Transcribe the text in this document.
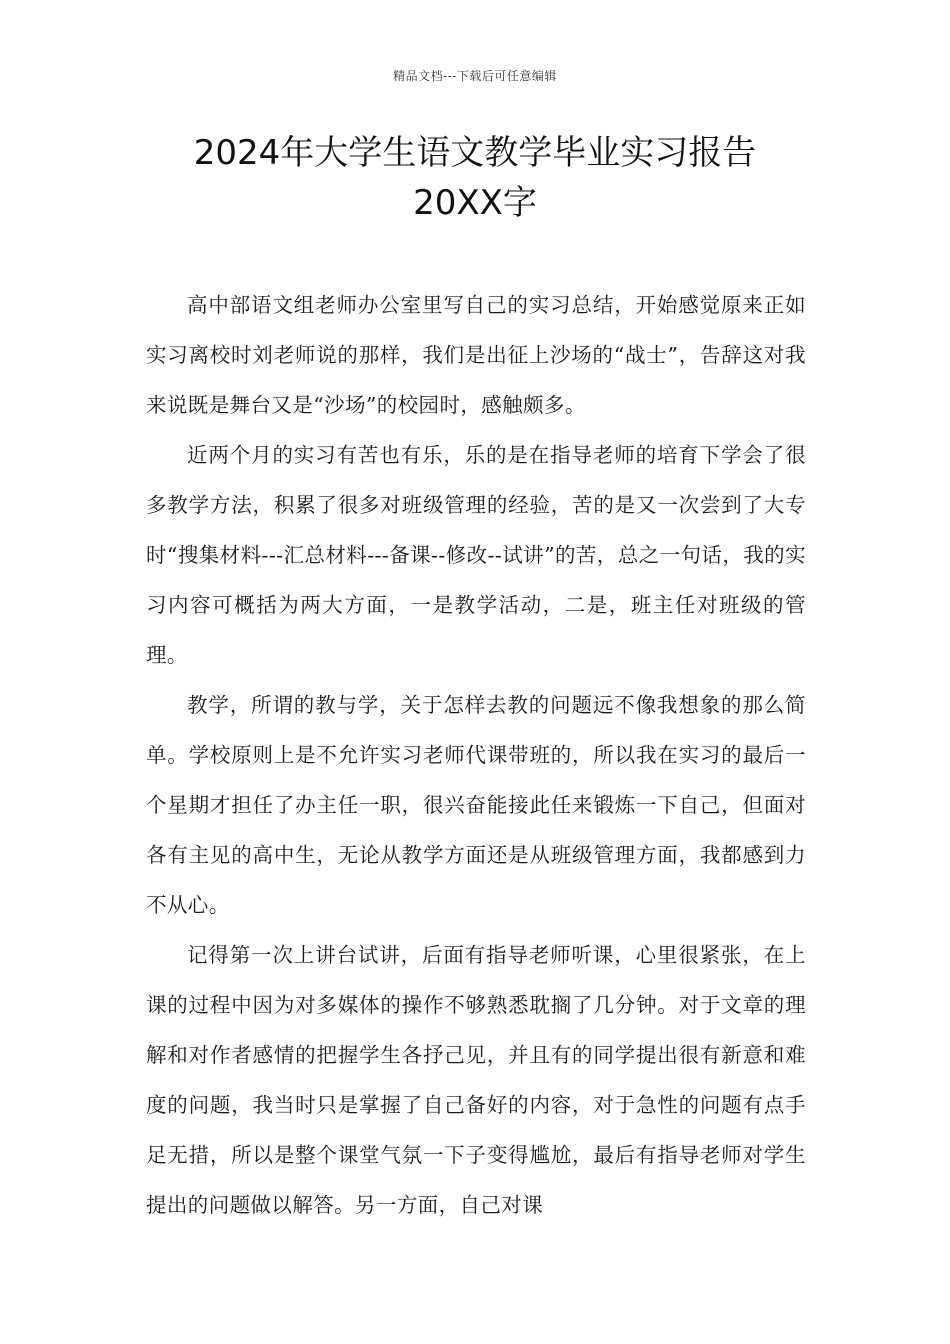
精品文档---下载后可任意编辑
2024年大学生语文教学毕业实习报告
20XX字

高中部语文组老师办公室里写自己的实习总结，开始感觉原来正如实习离校时刘老师说的那样，我们是出征上沙场的“战士”，告辞这对我来说既是舞台又是“沙场”的校园时，感触颇多。

近两个月的实习有苦也有乐，乐的是在指导老师的培育下学会了很多教学方法，积累了很多对班级管理的经验，苦的是又一次尝到了大专时“搜集材料---汇总材料---备课--修改--试讲”的苦，总之一句话，我的实习内容可概括为两大方面，一是教学活动，二是，班主任对班级的管理。

教学，所谓的教与学，关于怎样去教的问题远不像我想象的那么简单。学校原则上是不允许实习老师代课带班的，所以我在实习的最后一个星期才担任了办主任一职，很兴奋能接此任来锻炼一下自己，但面对各有主见的高中生，无论从教学方面还是从班级管理方面，我都感到力不从心。

记得第一次上讲台试讲，后面有指导老师听课，心里很紧张，在上课的过程中因为对多媒体的操作不够熟悉耽搁了几分钟。对于文章的理解和对作者感情的把握学生各抒己见，并且有的同学提出很有新意和难度的问题，我当时只是掌握了自己备好的内容，对于急性的问题有点手足无措，所以是整个课堂气氛一下子变得尴尬，最后有指导老师对学生提出的问题做以解答。另一方面，自己对课
